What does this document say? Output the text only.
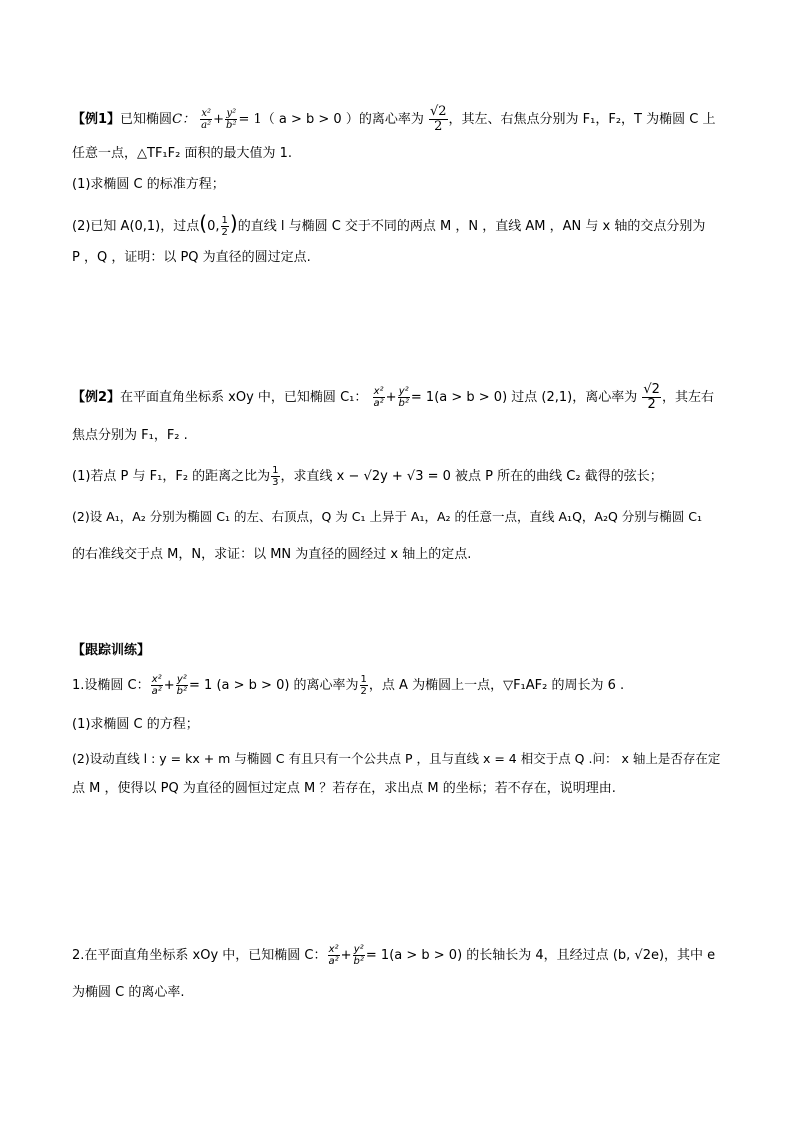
【例1】已知椭圆C： $\frac{\text{x²}}{\text{a²}} + \frac{\text{y²}}{\text{b²}} = 1$（ a > b > 0 ）的离心率为 $\frac{√2}{2}$ ，其左、右焦点分别为 F₁，F₂，T 为椭圆 C 上
任意一点，△TF₁F₂ 面积的最大值为 1.
(1)求椭圆 C 的标准方程；
(2)已知 A(0,1)，过点(0, $\frac{1}{2}$ )的直线 l 与椭圆 C 交于不同的两点 M ，N ，直线 AM ，AN 与 x 轴的交点分别为
P ，Q ，证明：以 PQ 为直径的圆过定点.
【例2】在平面直角坐标系 xOy 中，已知椭圆 C₁： $\frac{\text{x²}}{\text{a²}} + \frac{\text{y²}}{\text{b²}} = 1(a > b > 0)$ 过点 (2,1)，离心率为 $\frac{√2}{2}$ ，其左右
焦点分别为 F₁，F₂ .
(1)若点 P 与 F₁，F₂ 的距离之比为 $\frac{1}{3}$ ，求直线 x − √2y + √3 = 0 被点 P 所在的曲线 C₂ 截得的弦长；
(2)设 A₁，A₂ 分别为椭圆 C₁ 的左、右顶点，Q 为 C₁ 上异于 A₁，A₂ 的任意一点，直线 A₁Q，A₂Q 分别与椭圆 C₁
的右准线交于点 M，N，求证：以 MN 为直径的圆经过 x 轴上的定点.
【跟踪训练】
1.设椭圆 C： $\frac{\text{x²}}{\text{a²}} + \frac{\text{y²}}{\text{b²}} = 1$ (a > b > 0) 的离心率为 $\frac{1}{2}$ ，点 A 为椭圆上一点，▽F₁AF₂ 的周长为 6 .
(1)求椭圆 C 的方程；
(2)设动直线 l : y = kx + m 与椭圆 C 有且只有一个公共点 P ，且与直线 x = 4 相交于点 Q .问： x 轴上是否存在定
点 M ，使得以 PQ 为直径的圆恒过定点 M ？若存在，求出点 M 的坐标；若不存在，说明理由.
2.在平面直角坐标系 xOy 中，已知椭圆 C： $\frac{\text{x²}}{\text{a²}} + \frac{\text{y²}}{\text{b²}} = 1(a > b > 0)$ 的长轴长为 4，且经过点 (b, √2e)，其中 e
为椭圆 C 的离心率.
